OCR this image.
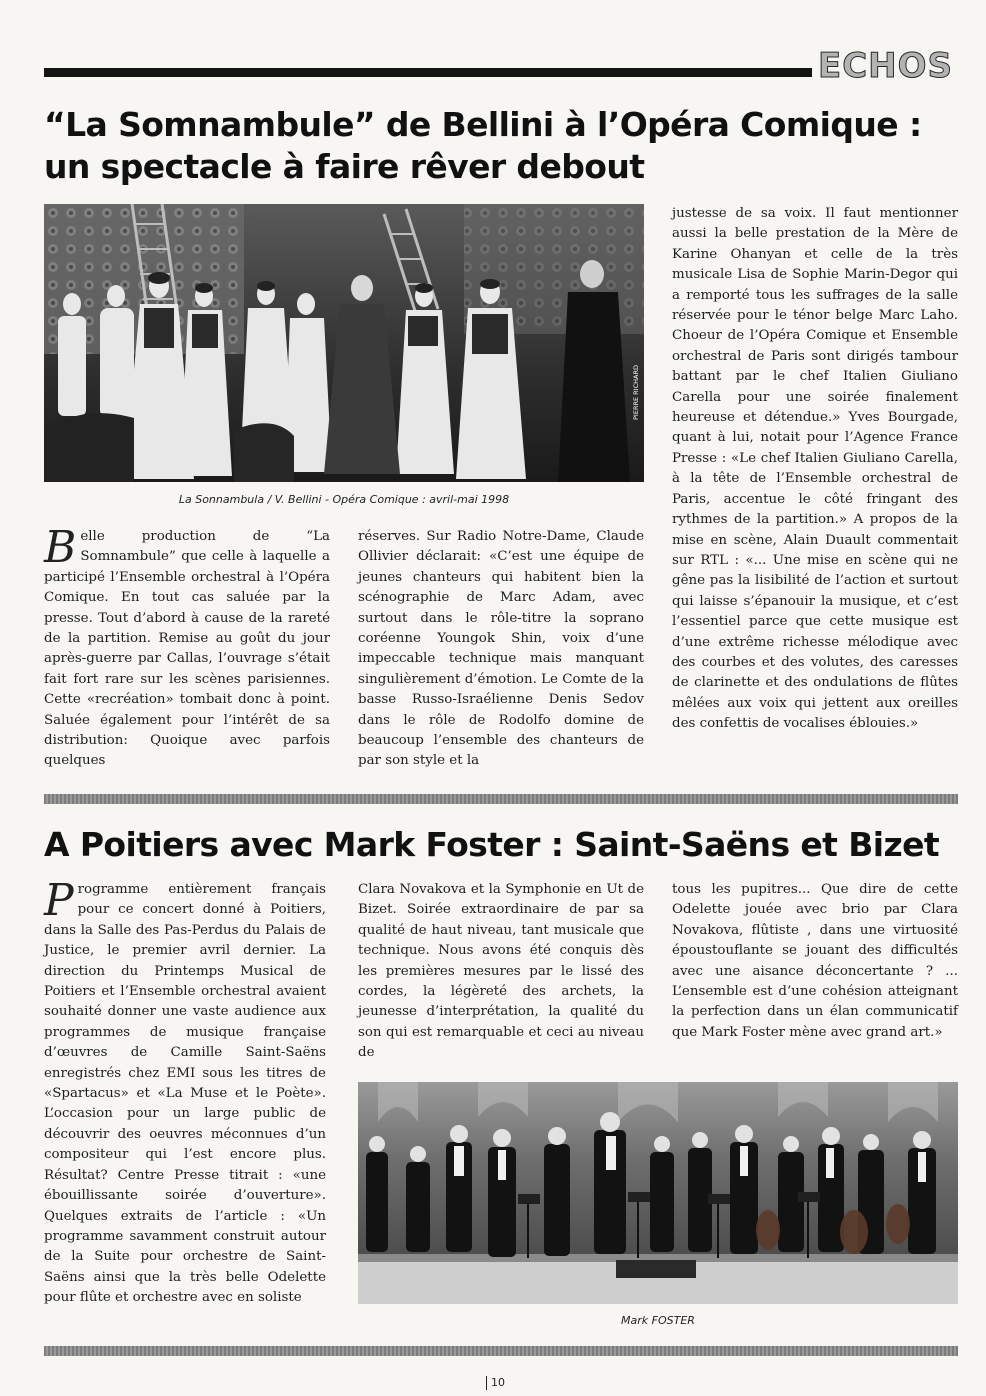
ECHOS
“La Somnambule” de Bellini à l’Opéra Comique :
un spectacle à faire rêver debout
PIERRE RICHARD
La Sonnambula / V. Bellini - Opéra Comique : avril-mai 1998

Belle production de “La Somnambule” que celle à laquelle a participé l’Ensemble orchestral à l’Opéra Comique. En tout cas saluée par la presse. Tout d’abord à cause de la rareté de la partition. Remise au goût du jour après-guerre par Callas, l’ouvrage s’était fait fort rare sur les scènes parisiennes. Cette «recréation» tombait donc à point. Saluée également pour l’intérêt de sa distribution: Quoique avec parfois quelques

réserves. Sur Radio Notre-Dame, Claude Ollivier déclarait: «C’est une équipe de jeunes chanteurs qui habitent bien la scénographie de Marc Adam, avec surtout dans le rôle-titre la soprano coréenne Youngok Shin, voix d’une impeccable technique mais manquant singulièrement d’émotion. Le Comte de la basse Russo-Israélienne Denis Sedov dans le rôle de Rodolfo domine de beaucoup l’ensemble des chanteurs de par son style et la

justesse de sa voix. Il faut mentionner aussi la belle prestation de la Mère de Karine Ohanyan et celle de la très musicale Lisa de Sophie Marin-Degor qui a remporté tous les suffrages de la salle réservée pour le ténor belge Marc Laho. Choeur de l’Opéra Comique et Ensemble orchestral de Paris sont dirigés tambour battant par le chef Italien Giuliano Carella pour une soirée finalement heureuse et détendue.» Yves Bourgade, quant à lui, notait pour l’Agence France Presse : «Le chef Italien Giuliano Carella, à la tête de l’Ensemble orchestral de Paris, accentue le côté fringant des rythmes de la partition.» A propos de la mise en scène, Alain Duault commentait sur RTL : «... Une mise en scène qui ne gêne pas la lisibilité de l’action et surtout qui laisse s’épanouir la musique, et c’est l’essentiel parce que cette musique est d’une extrême richesse mélodique avec des courbes et des volutes, des caresses de clarinette et des ondulations de flûtes mêlées aux voix qui jettent aux oreilles des confettis de vocalises éblouies.»

A Poitiers avec Mark Foster : Saint-Saëns et Bizet

Programme entièrement français pour ce concert donné à Poitiers, dans la Salle des Pas-Perdus du Palais de Justice, le premier avril dernier. La direction du Printemps Musical de Poitiers et l’Ensemble orchestral avaient souhaité donner une vaste audience aux programmes de musique française d’œuvres de Camille Saint-Saëns enregistrés chez EMI sous les titres de «Spartacus» et «La Muse et le Poète». L’occasion pour un large public de découvrir des oeuvres méconnues d’un compositeur qui l’est encore plus. Résultat? Centre Presse titrait : «une ébouillissante soirée d’ouverture». Quelques extraits de l’article : «Un programme savamment construit autour de la Suite pour orchestre de Saint-Saëns ainsi que la très belle Odelette pour flûte et orchestre avec en soliste

Clara Novakova et la Symphonie en Ut de Bizet. Soirée extraordinaire de par sa qualité de haut niveau, tant musicale que technique. Nous avons été conquis dès les premières mesures par le lissé des cordes, la légèreté des archets, la jeunesse d’interprétation, la qualité du son qui est remarquable et ceci au niveau de

tous les pupitres... Que dire de cette Odelette jouée avec brio par Clara Novakova, flûtiste , dans une virtuosité époustouflante se jouant des difficultés avec une aisance déconcertante ? ... L’ensemble est d’une cohésion atteignant la perfection dans un élan communicatif que Mark Foster mène avec grand art.»

Mark FOSTER
10
